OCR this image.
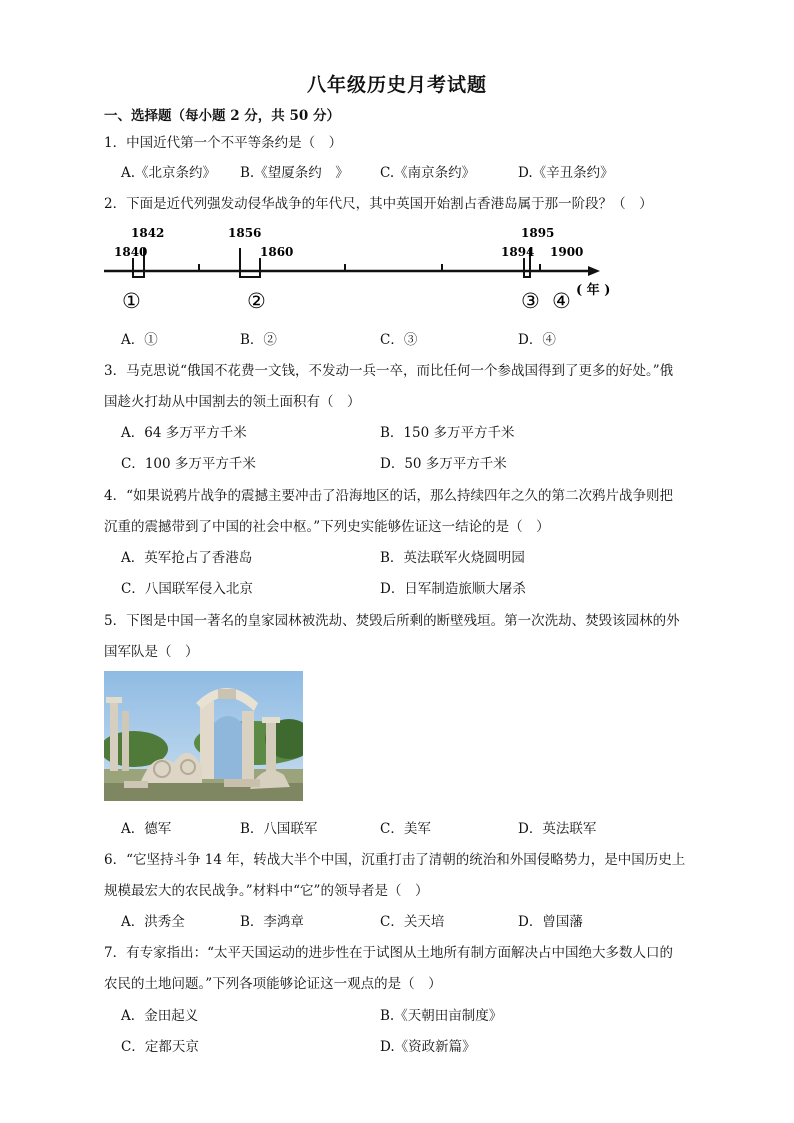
八年级历史月考试题
一、选择题（每小题 2 分，共 50 分）
1．中国近代第一个不平等条约是（　）
A.《北京条约》 B.《望厦条约　》 C.《南京条约》	D.《辛丑条约》
2．下面是近代列强发动侵华战争的年代尺，其中英国开始割占香港岛属于那一阶段？（　）
1840
1842	1856
1860	1894
1895
1900
①	②	③ ④ ( 年 )
A．①	B．②	C．③	D．④
3．马克思说“俄国不花费一文钱，不发动一兵一卒，而比任何一个参战国得到了更多的好处。”俄
国趁火打劫从中国割去的领土面积有（　）
A．64 多万平方千米	B．150 多万平方千米
C．100 多万平方千米	D．50 多万平方千米
4．“如果说鸦片战争的震撼主要冲击了沿海地区的话，那么持续四年之久的第二次鸦片战争则把
沉重的震撼带到了中国的社会中枢。”下列史实能够佐证这一结论的是（　）
A．英军抢占了香港岛	B．英法联军火烧圆明园
C．八国联军侵入北京	D．日军制造旅顺大屠杀
5．下图是中国一著名的皇家园林被洗劫、焚毁后所剩的断壁残垣。第一次洗劫、焚毁该园林的外
国军队是（　）
A．德军	B．八国联军	C．美军	D．英法联军
6．“它坚持斗争 14 年，转战大半个中国，沉重打击了清朝的统治和外国侵略势力，是中国历史上
规模最宏大的农民战争。”材料中“它”的领导者是（　）
A．洪秀全	B．李鸿章	C．关天培	D．曾国藩
7．有专家指出：“太平天国运动的进步性在于试图从土地所有制方面解决占中国绝大多数人口的
农民的土地问题。”下列各项能够论证这一观点的是（　）
A．金田起义	B.《天朝田亩制度》
C．定都天京	D.《资政新篇》
